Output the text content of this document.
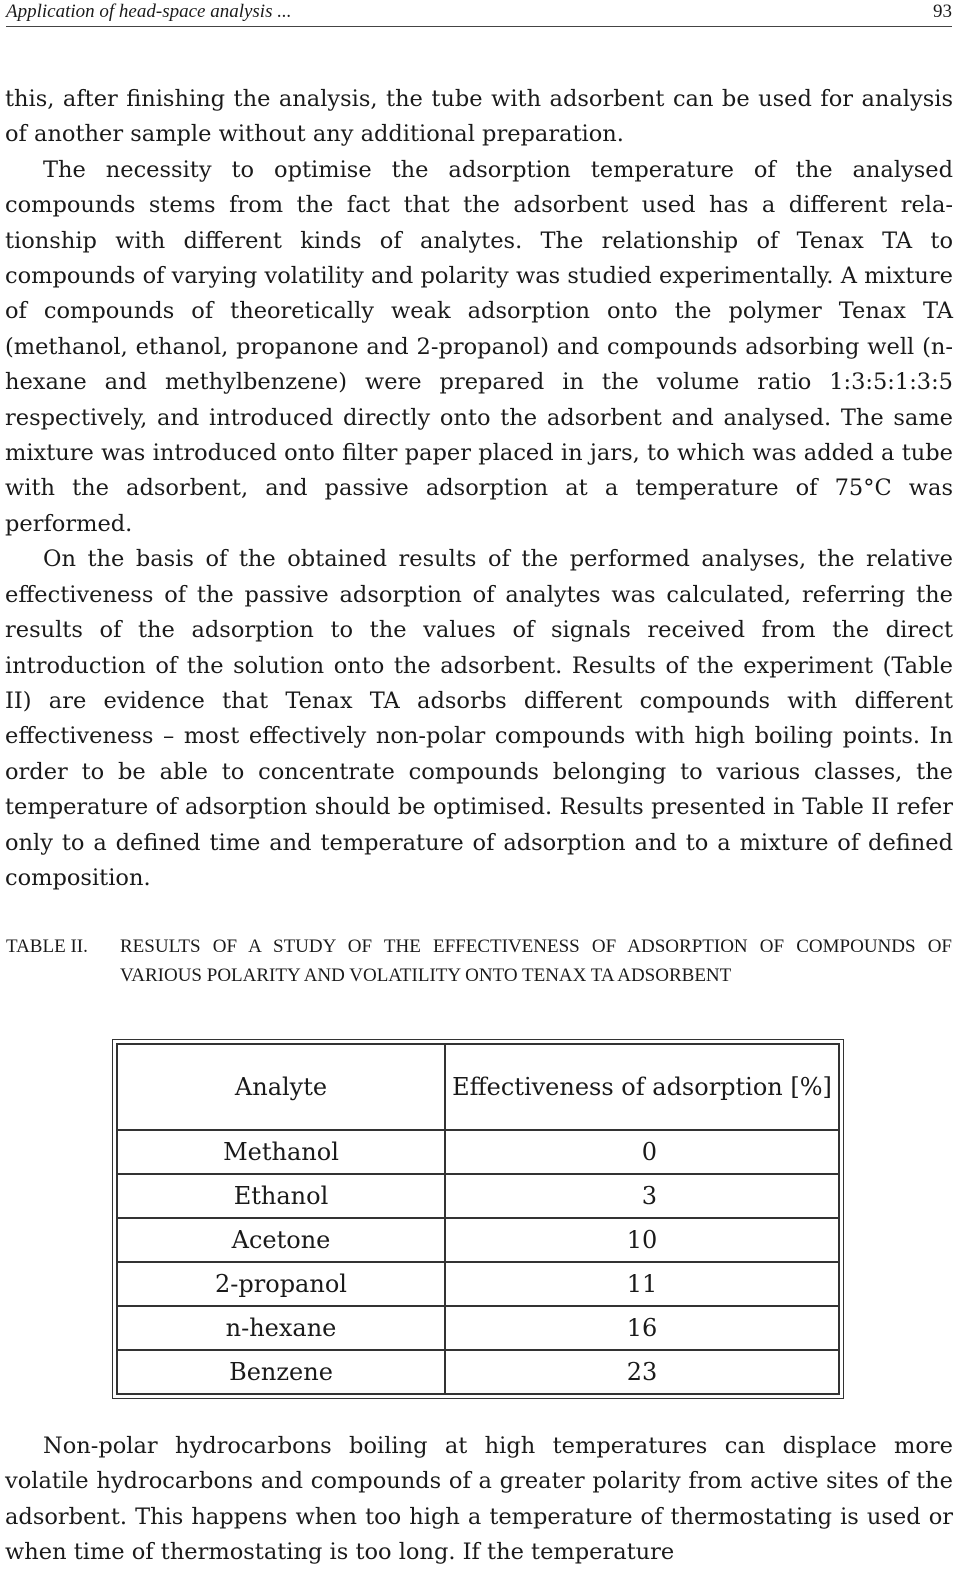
Application of head-space analysis ...	93

this, after finishing the analysis, the tube with adsorbent can be used for analysis of another sample without any additional preparation.

The necessity to optimise the adsorption temperature of the analysed compounds stems from the fact that the adsorbent used has a different relationship with different kinds of analytes. The relationship of Tenax TA to compounds of varying volatility and polarity was studied experimentally. A mixture of compounds of theoretically weak adsorption onto the polymer Tenax TA (methanol, ethanol, propanone and 2-propanol) and compounds adsorbing well (n-hexane and methylbenzene) were prepared in the volume ratio 1:3:5:1:3:5 respectively, and introduced directly onto the adsorbent and analysed. The same mixture was introduced onto filter paper placed in jars, to which was added a tube with the adsorbent, and passive adsorption at a temperature of 75°C was performed.

On the basis of the obtained results of the performed analyses, the relative effectiveness of the passive adsorption of analytes was calculated, referring the results of the adsorption to the values of signals received from the direct introduction of the solution onto the adsorbent. Results of the experiment (Table II) are evidence that Tenax TA adsorbs different compounds with different effectiveness – most effectively non-polar compounds with high boiling points. In order to be able to concentrate compounds belonging to various classes, the temperature of adsorption should be optimised. Results presented in Table II refer only to a defined time and temperature of adsorption and to a mixture of defined composition.

TABLE II.	RESULTS OF A STUDY OF THE EFFECTIVENESS OF ADSORPTION OF COMPOUNDS OF VARIOUS POLARITY AND VOLATILITY ONTO TENAX TA ADSORBENT
Analyte	Effectiveness of adsorption [%]
Methanol	0
Ethanol	3
Acetone	10
2-propanol	11
n-hexane	16
Benzene	23

Non-polar hydrocarbons boiling at high temperatures can displace more volatile hydrocarbons and compounds of a greater polarity from active sites of the adsorbent. This happens when too high a temperature of thermostating is used or when time of thermostating is too long. If the temperature
